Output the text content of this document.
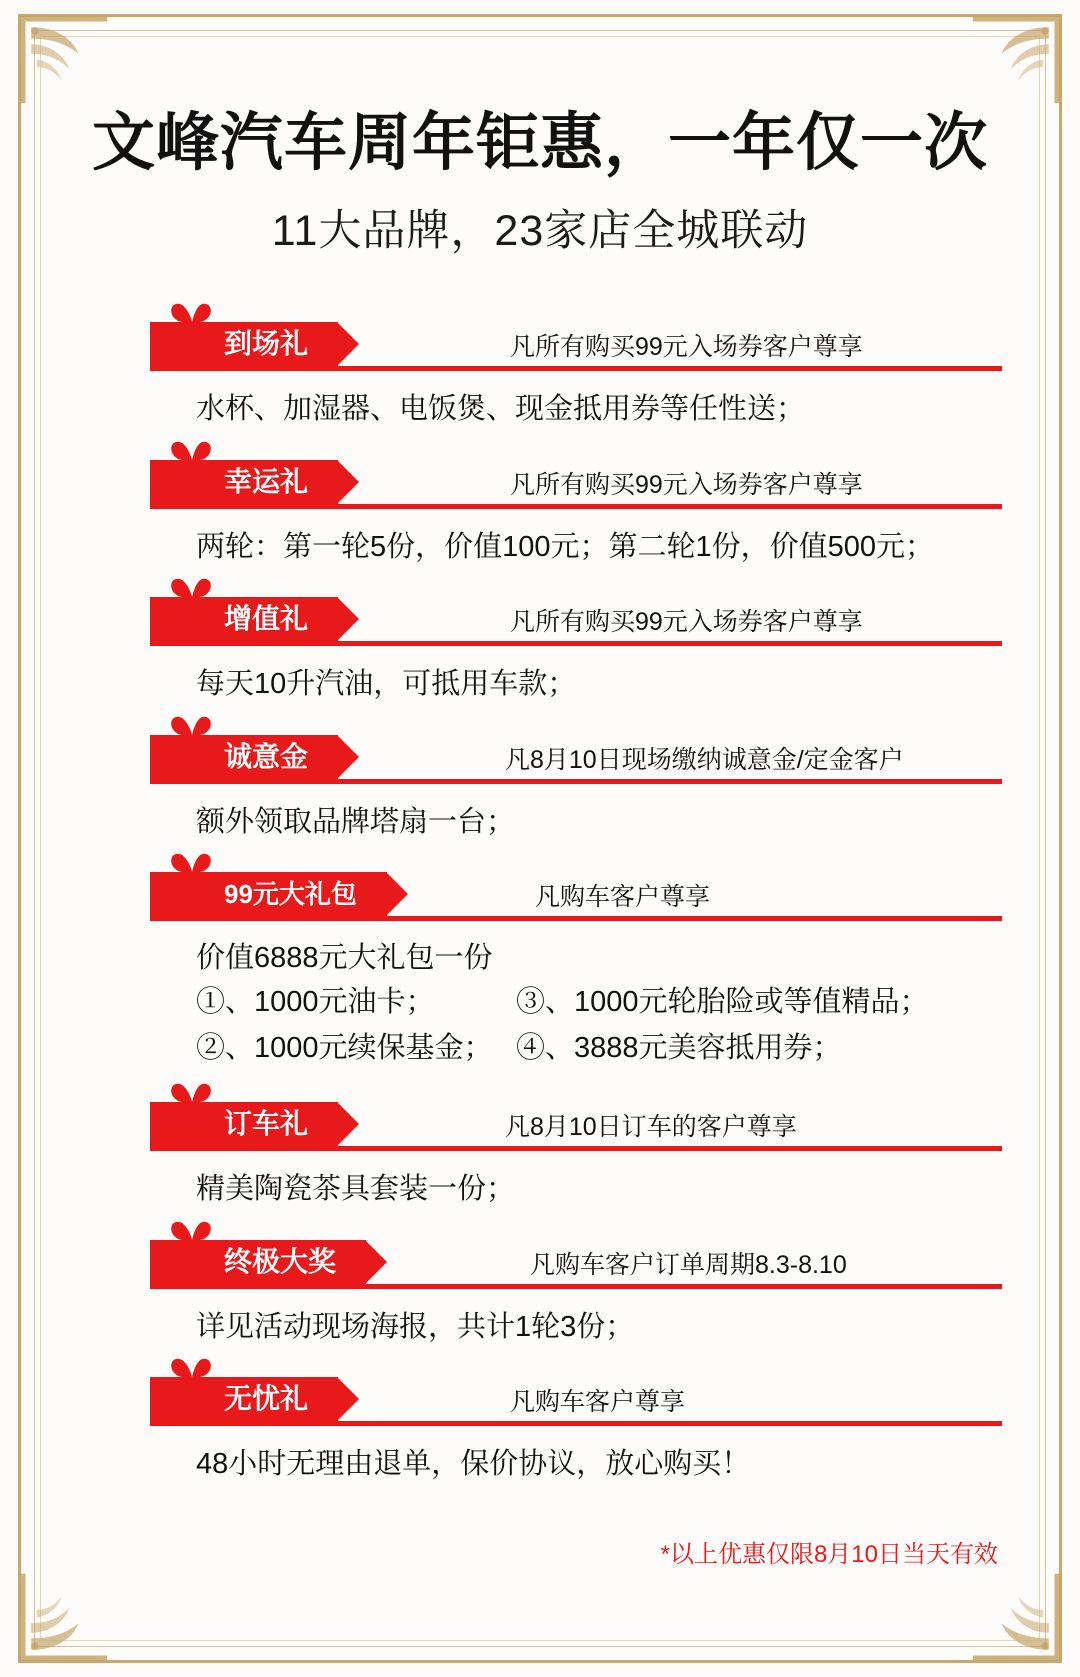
文峰汽车周年钜惠，一年仅一次
11大品牌，23家店全城联动
到场礼	凡所有购买99元入场券客户尊享
水杯、加湿器、电饭煲、现金抵用券等任性送；
幸运礼	凡所有购买99元入场券客户尊享
两轮：第一轮5份，价值100元；第二轮1份，价值500元；
增值礼	凡所有购买99元入场券客户尊享
每天10升汽油，可抵用车款；
诚意金	凡8月10日现场缴纳诚意金/定金客户
额外领取品牌塔扇一台；
99元大礼包	凡购车客户尊享
价值6888元大礼包一份
①、1000元油卡；	③、1000元轮胎险或等值精品；
②、1000元续保基金； ④、3888元美容抵用券；
订车礼	凡8月10日订车的客户尊享
精美陶瓷茶具套装一份；
终极大奖	凡购车客户订单周期8.3-8.10
详见活动现场海报，共计1轮3份；
无忧礼	凡购车客户尊享
48小时无理由退单，保价协议，放心购买！
*以上优惠仅限8月10日当天有效
